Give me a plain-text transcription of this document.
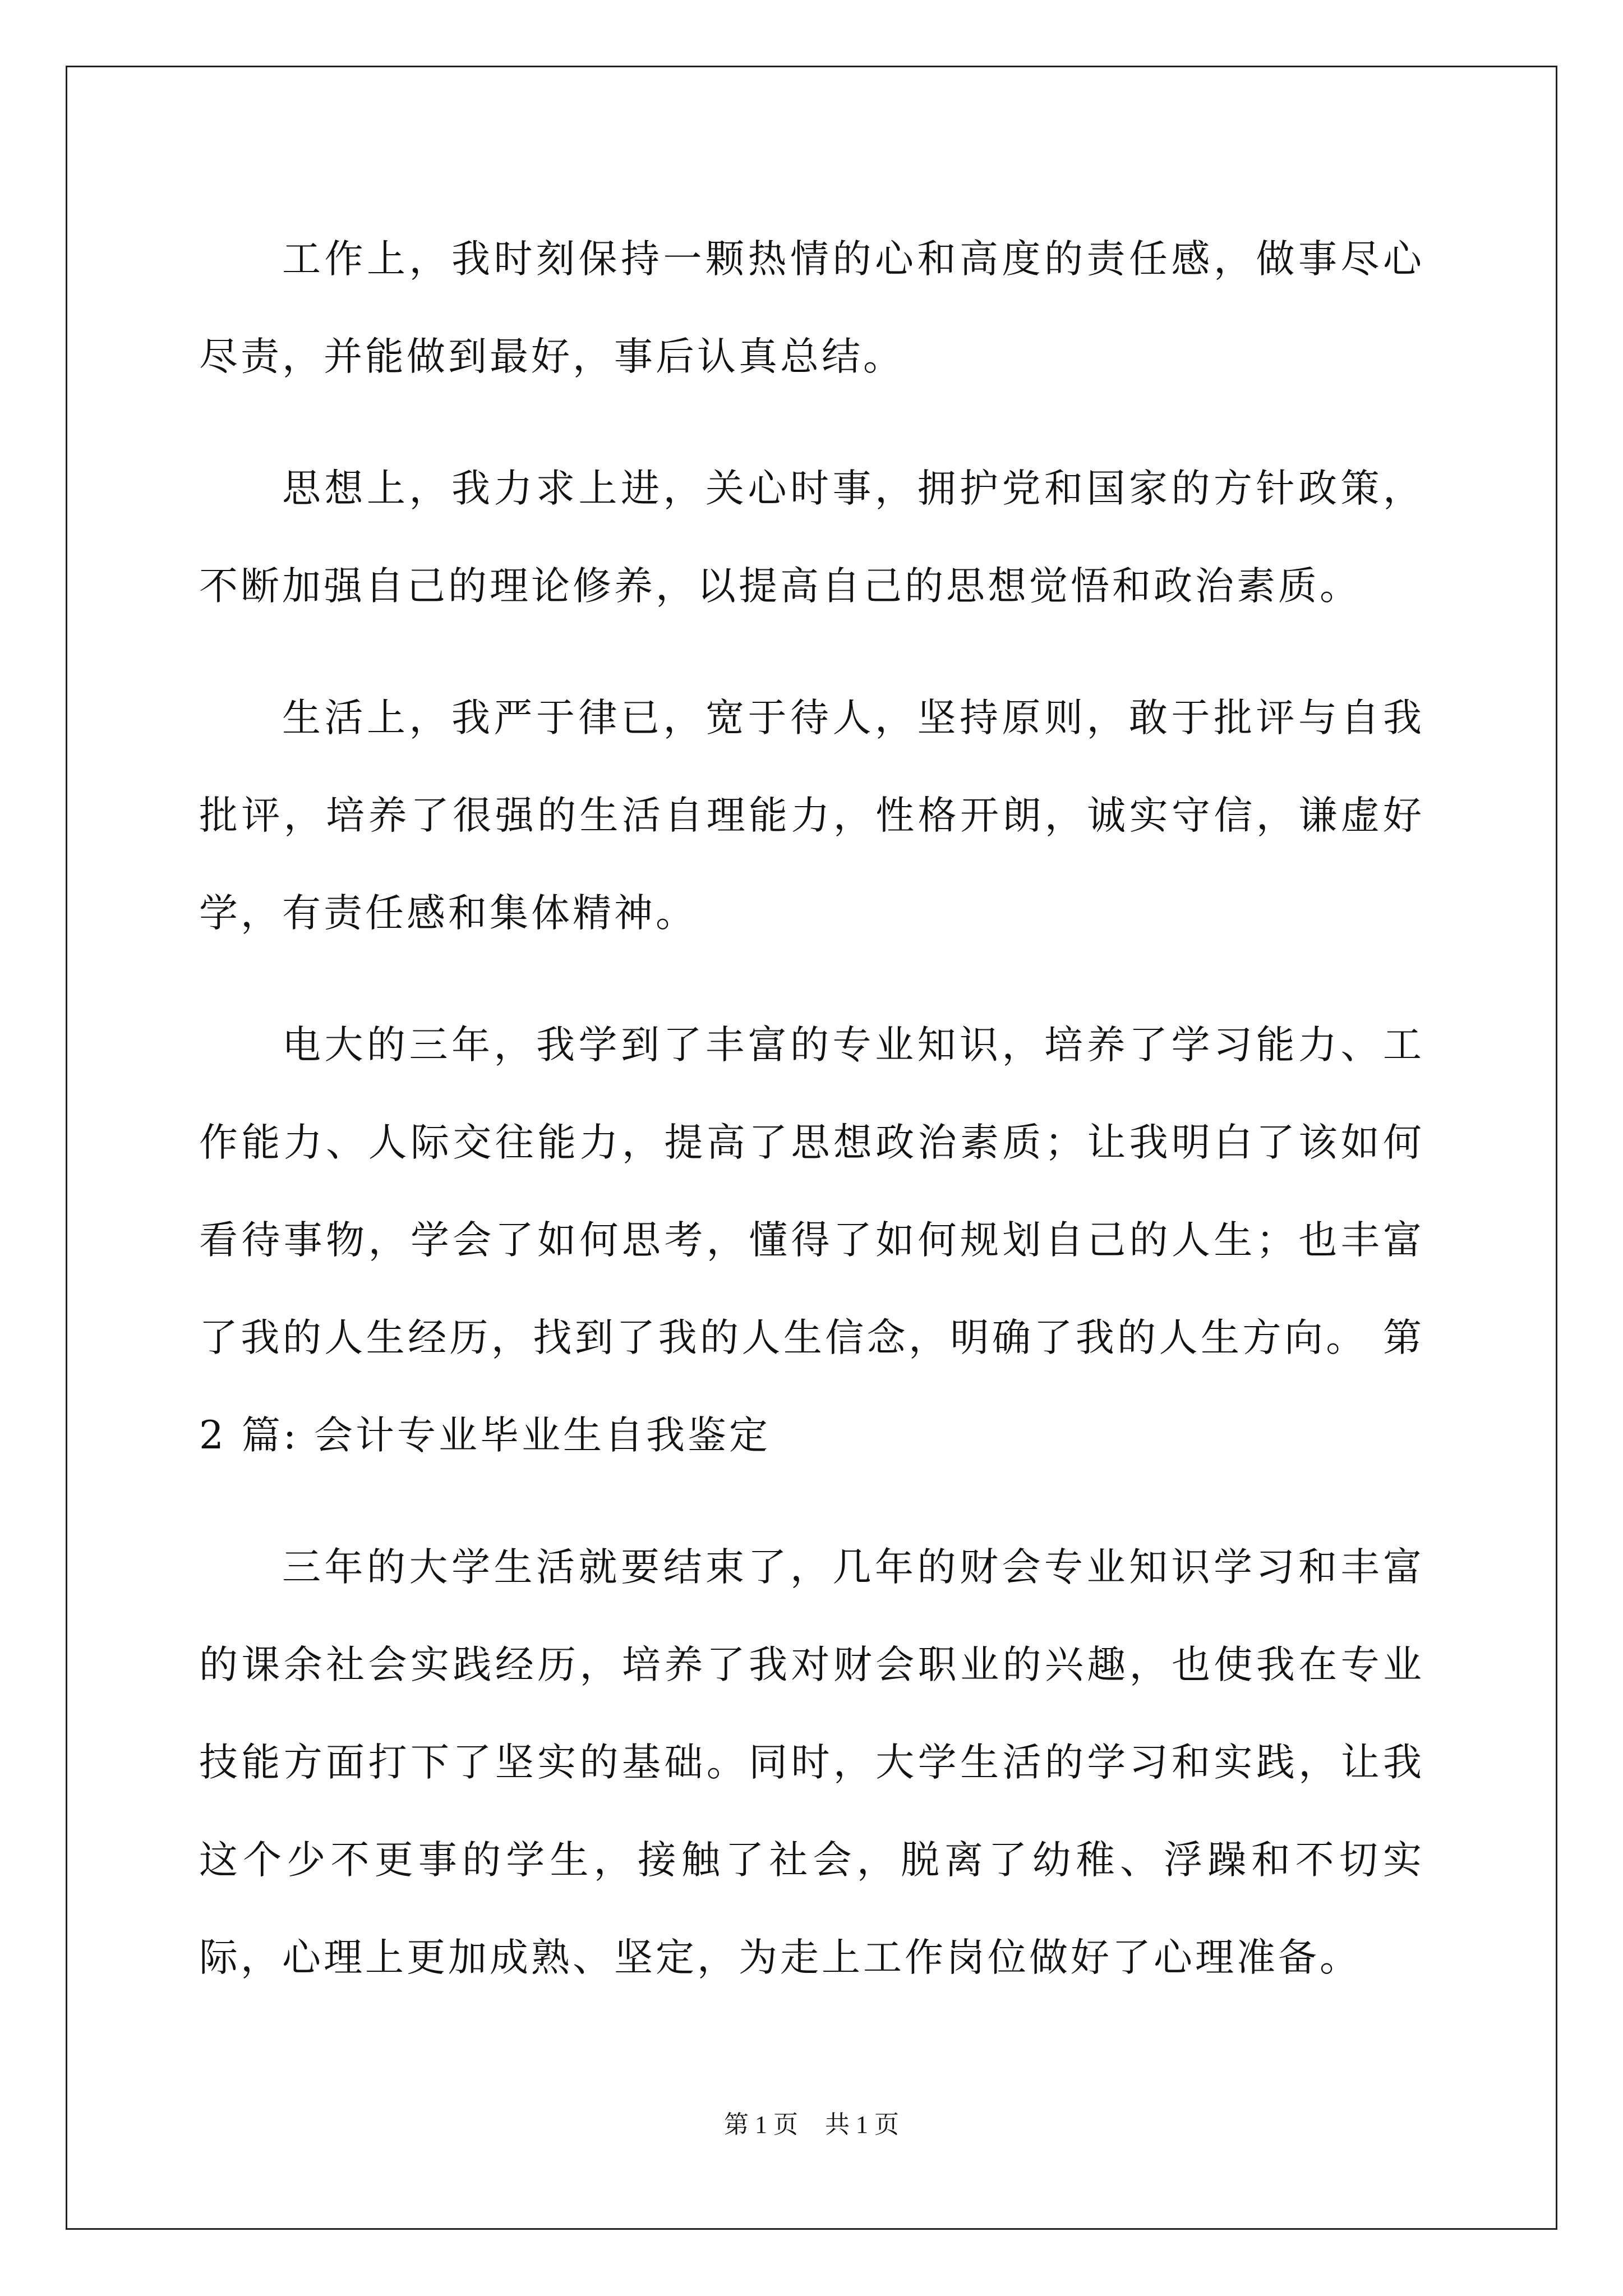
工作上，我时刻保持一颗热情的心和高度的责任感，做事尽心尽责，并能做到最好，事后认真总结。

思想上，我力求上进，关心时事，拥护党和国家的方针政策，不断加强自己的理论修养，以提高自己的思想觉悟和政治素质。

生活上，我严于律已，宽于待人，坚持原则，敢于批评与自我批评，培养了很强的生活自理能力，性格开朗，诚实守信，谦虚好学，有责任感和集体精神。

电大的三年，我学到了丰富的专业知识，培养了学习能力、工作能力、人际交往能力，提高了思想政治素质；让我明白了该如何看待事物，学会了如何思考，懂得了如何规划自己的人生；也丰富了我的人生经历，找到了我的人生信念，明确了我的人生方向。 第 2 篇: 会计专业毕业生自我鉴定

三年的大学生活就要结束了，几年的财会专业知识学习和丰富的课余社会实践经历，培养了我对财会职业的兴趣，也使我在专业技能方面打下了坚实的基础。同时，大学生活的学习和实践，让我这个少不更事的学生，接触了社会，脱离了幼稚、浮躁和不切实际，心理上更加成熟、坚定，为走上工作岗位做好了心理准备。

第 1 页 共 1 页
